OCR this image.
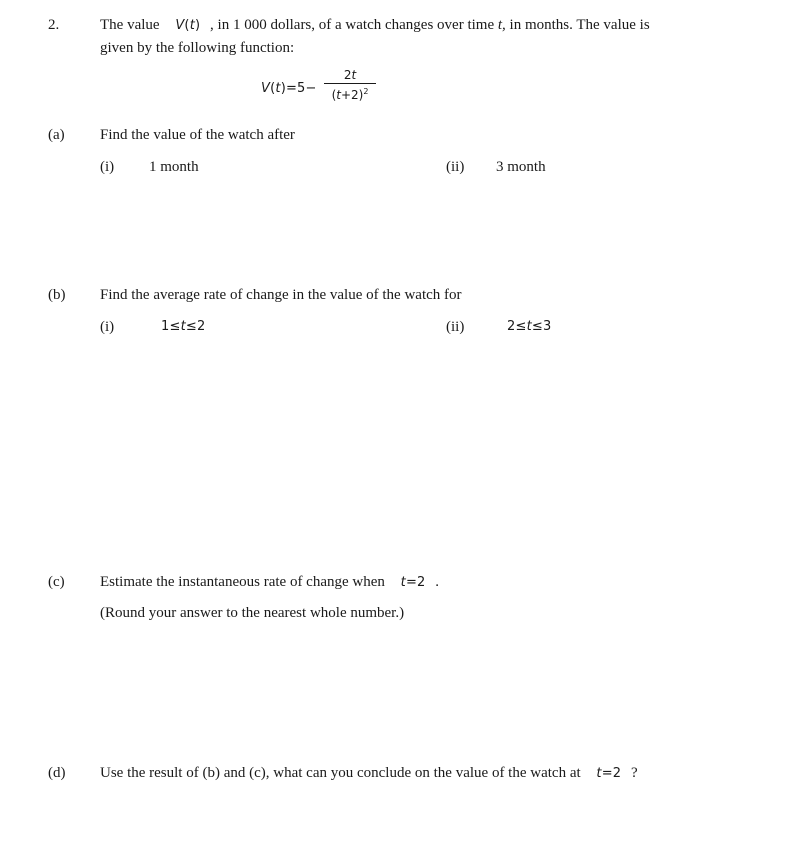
2.	The value V(t) , in 1 000 dollars, of a watch changes over time t, in months. The value is
given by the following function:
V(t)=5−
2t
$(t+2)^2$
(a) Find the value of the watch after
(i) 1 month	(ii) 3 month
(b) Find the average rate of change in the value of the watch for
(i)	1≤t≤2	(ii)	2≤t≤3
(c) Estimate the instantaneous rate of change when t=2 .
(Round your answer to the nearest whole number.)
(d) Use the result of (b) and (c), what can you conclude on the value of the watch at t=2 ?
